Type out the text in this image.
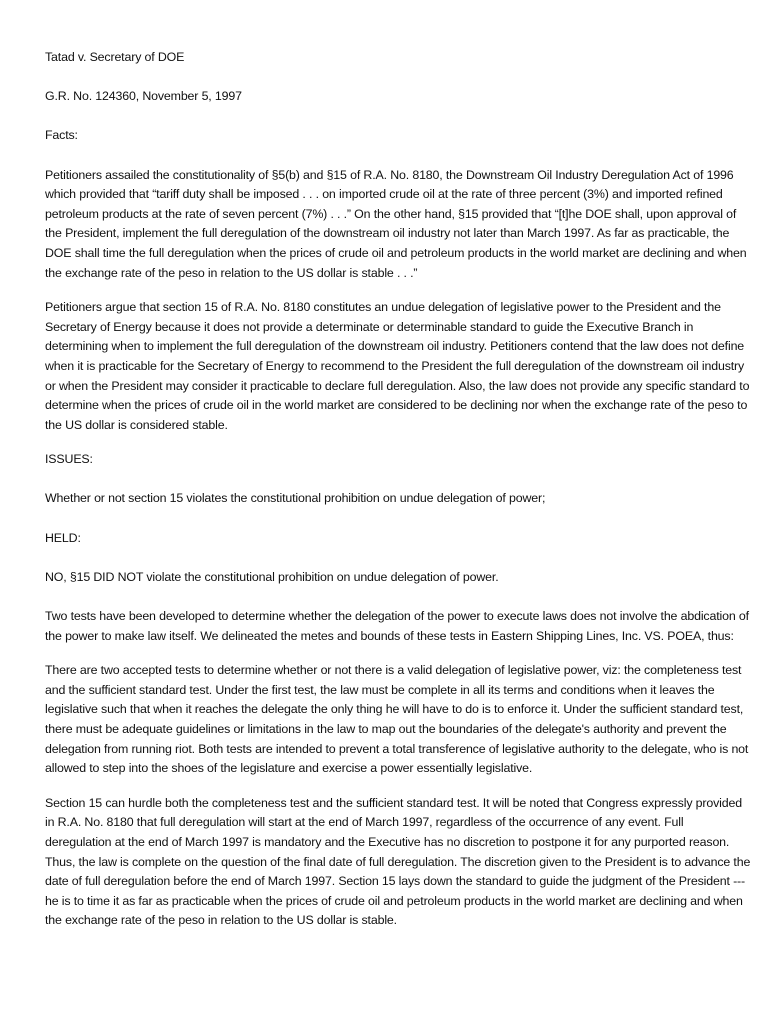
Tatad v. Secretary of DOE
G.R. No. 124360, November 5, 1997
Facts:
Petitioners assailed the constitutionality of §5(b) and §15 of R.A. No. 8180, the Downstream Oil Industry Deregulation Act of 1996 which provided that “tariff duty shall be imposed . . . on imported crude oil at the rate of three percent (3%) and imported refined petroleum products at the rate of seven percent (7%) . . .” On the other hand, §15 provided that “[t]he DOE shall, upon approval of the President, implement the full deregulation of the downstream oil industry not later than March 1997. As far as practicable, the DOE shall time the full deregulation when the prices of crude oil and petroleum products in the world market are declining and when the exchange rate of the peso in relation to the US dollar is stable . . .”
Petitioners argue that section 15 of R.A. No. 8180 constitutes an undue delegation of legislative power to the President and the Secretary of Energy because it does not provide a determinate or determinable standard to guide the Executive Branch in determining when to implement the full deregulation of the downstream oil industry. Petitioners contend that the law does not define when it is practicable for the Secretary of Energy to recommend to the President the full deregulation of the downstream oil industry or when the President may consider it practicable to declare full deregulation. Also, the law does not provide any specific standard to determine when the prices of crude oil in the world market are considered to be declining nor when the exchange rate of the peso to the US dollar is considered stable.
ISSUES:
Whether or not section 15 violates the constitutional prohibition on undue delegation of power;
HELD:
NO, §15 DID NOT violate the constitutional prohibition on undue delegation of power.
Two tests have been developed to determine whether the delegation of the power to execute laws does not involve the abdication of the power to make law itself. We delineated the metes and bounds of these tests in Eastern Shipping Lines, Inc. VS. POEA, thus:
There are two accepted tests to determine whether or not there is a valid delegation of legislative power, viz: the completeness test and the sufficient standard test. Under the first test, the law must be complete in all its terms and conditions when it leaves the legislative such that when it reaches the delegate the only thing he will have to do is to enforce it. Under the sufficient standard test, there must be adequate guidelines or limitations in the law to map out the boundaries of the delegate's authority and prevent the delegation from running riot. Both tests are intended to prevent a total transference of legislative authority to the delegate, who is not allowed to step into the shoes of the legislature and exercise a power essentially legislative.
Section 15 can hurdle both the completeness test and the sufficient standard test. It will be noted that Congress expressly provided in R.A. No. 8180 that full deregulation will start at the end of March 1997, regardless of the occurrence of any event. Full deregulation at the end of March 1997 is mandatory and the Executive has no discretion to postpone it for any purported reason. Thus, the law is complete on the question of the final date of full deregulation. The discretion given to the President is to advance the date of full deregulation before the end of March 1997. Section 15 lays down the standard to guide the judgment of the President --- he is to time it as far as practicable when the prices of crude oil and petroleum products in the world market are declining and when the exchange rate of the peso in relation to the US dollar is stable.
